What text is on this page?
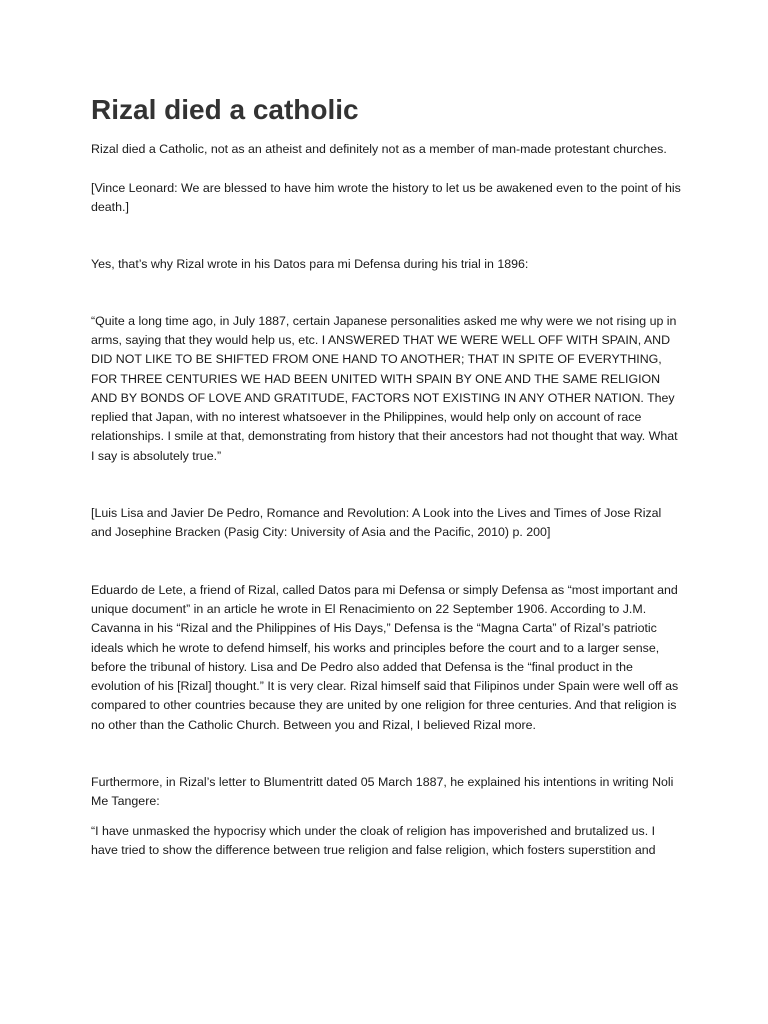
Rizal died a catholic

Rizal died a Catholic, not as an atheist and definitely not as a member of man-made protestant churches.

[Vince Leonard: We are blessed to have him wrote the history to let us be awakened even to the point of his death.]

Yes, that’s why Rizal wrote in his Datos para mi Defensa during his trial in 1896:

“Quite a long time ago, in July 1887, certain Japanese personalities asked me why were we not rising up in arms, saying that they would help us, etc. I ANSWERED THAT WE WERE WELL OFF WITH SPAIN, AND DID NOT LIKE TO BE SHIFTED FROM ONE HAND TO ANOTHER; THAT IN SPITE OF EVERYTHING, FOR THREE CENTURIES WE HAD BEEN UNITED WITH SPAIN BY ONE AND THE SAME RELIGION AND BY BONDS OF LOVE AND GRATITUDE, FACTORS NOT EXISTING IN ANY OTHER NATION. They replied that Japan, with no interest whatsoever in the Philippines, would help only on account of race relationships. I smile at that, demonstrating from history that their ancestors had not thought that way. What I say is absolutely true.”

[Luis Lisa and Javier De Pedro, Romance and Revolution: A Look into the Lives and Times of Jose Rizal and Josephine Bracken (Pasig City: University of Asia and the Pacific, 2010) p. 200]

Eduardo de Lete, a friend of Rizal, called Datos para mi Defensa or simply Defensa as “most important and unique document” in an article he wrote in El Renacimiento on 22 September 1906. According to J.M. Cavanna in his “Rizal and the Philippines of His Days,” Defensa is the “Magna Carta” of Rizal’s patriotic ideals which he wrote to defend himself, his works and principles before the court and to a larger sense, before the tribunal of history. Lisa and De Pedro also added that Defensa is the “final product in the evolution of his [Rizal] thought.” It is very clear. Rizal himself said that Filipinos under Spain were well off as compared to other countries because they are united by one religion for three centuries. And that religion is no other than the Catholic Church. Between you and Rizal, I believed Rizal more.

Furthermore, in Rizal’s letter to Blumentritt dated 05 March 1887, he explained his intentions in writing Noli Me Tangere:

“I have unmasked the hypocrisy which under the cloak of religion has impoverished and brutalized us. I have tried to show the difference between true religion and false religion, which fosters superstition and
